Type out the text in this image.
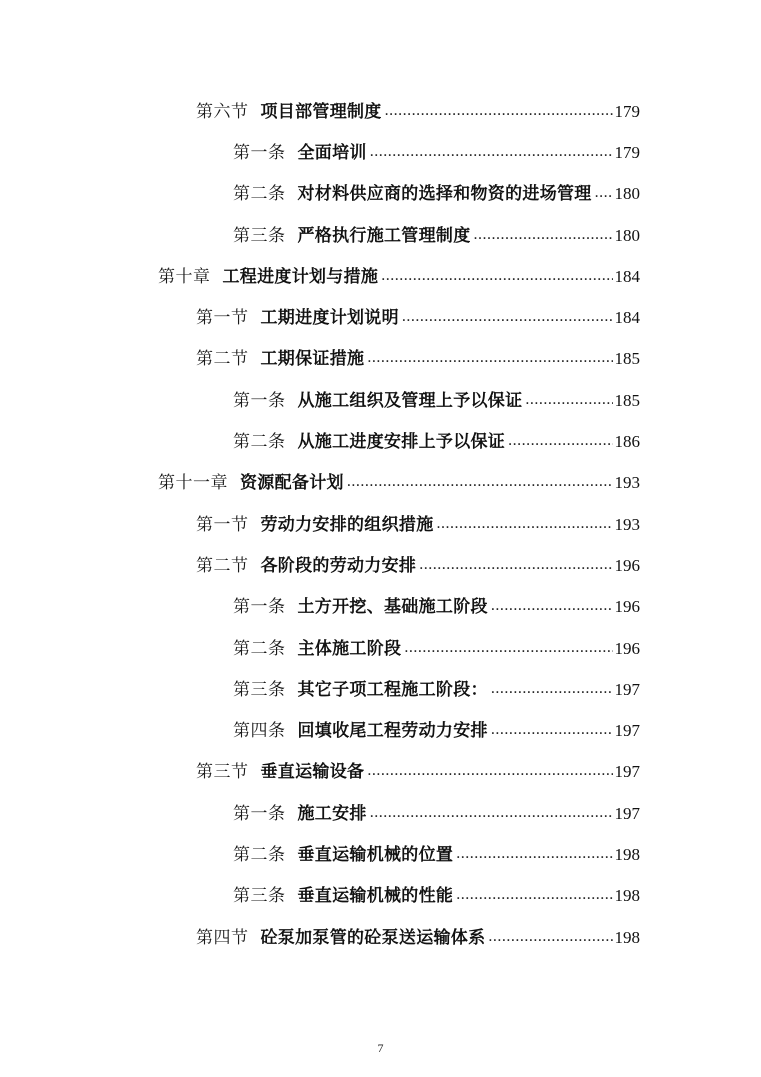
第六节 项目部管理制度 .....	179
第一条 全面培训 .....	179
第二条 对材料供应商的选择和物资的进场管理 ..... 180
第三条 严格执行施工管理制度 .....	180
第十章 工程进度计划与措施 .....	184
第一节 工期进度计划说明 .....	184
第二节 工期保证措施 .....	185
第一条 从施工组织及管理上予以保证 .....	185
第二条 从施工进度安排上予以保证 .....	186
第十一章 资源配备计划 .....	193
第一节 劳动力安排的组织措施 .....	193
第二节 各阶段的劳动力安排 .....	196
第一条 土方开挖、基础施工阶段 .....	196
第二条 主体施工阶段 .....	196
第三条 其它子项工程施工阶段： .....	197
第四条 回填收尾工程劳动力安排 .....	197
第三节 垂直运输设备 .....	197
第一条 施工安排 .....	197
第二条 垂直运输机械的位置 .....	198
第三条 垂直运输机械的性能 .....	198
第四节 砼泵加泵管的砼泵送运输体系 .....	198
7
